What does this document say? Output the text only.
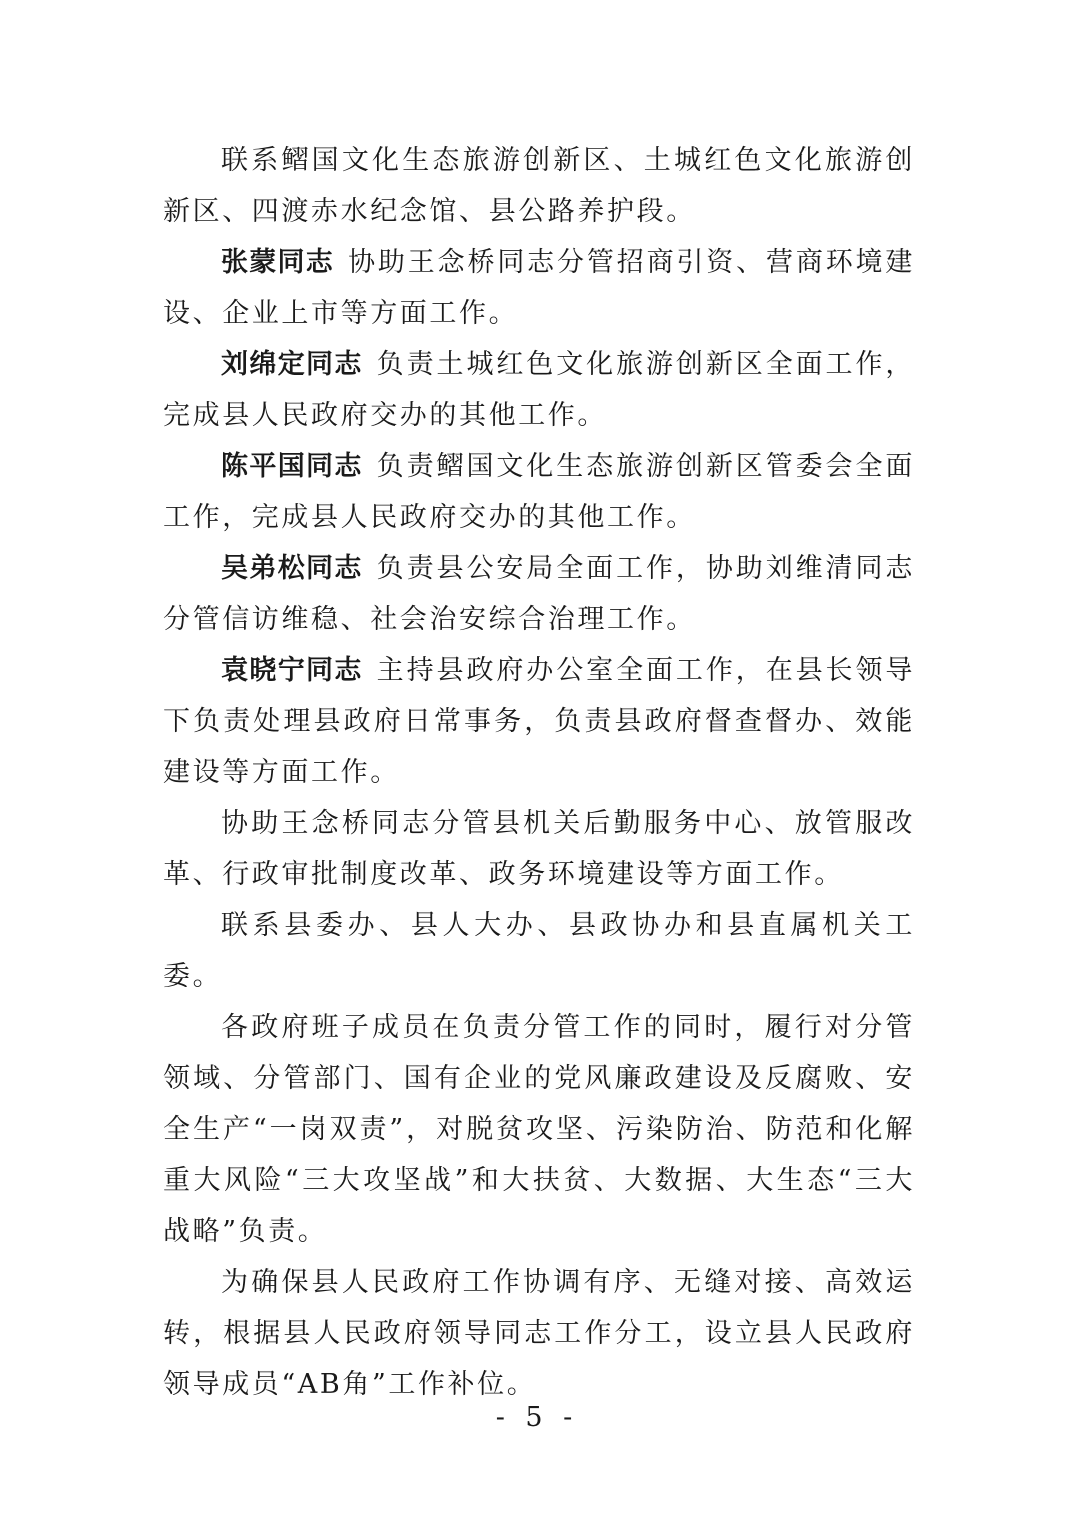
联系鳛国文化生态旅游创新区、土城红色文化旅游创新区、四渡赤水纪念馆、县公路养护段。

张蒙同志 协助王念桥同志分管招商引资、营商环境建设、企业上市等方面工作。

刘绵定同志 负责土城红色文化旅游创新区全面工作，完成县人民政府交办的其他工作。

陈平国同志 负责鳛国文化生态旅游创新区管委会全面工作，完成县人民政府交办的其他工作。

吴弟松同志 负责县公安局全面工作，协助刘维清同志分管信访维稳、社会治安综合治理工作。

袁晓宁同志 主持县政府办公室全面工作，在县长领导下负责处理县政府日常事务，负责县政府督查督办、效能建设等方面工作。

协助王念桥同志分管县机关后勤服务中心、放管服改革、行政审批制度改革、政务环境建设等方面工作。

联系县委办、县人大办、县政协办和县直属机关工委。

各政府班子成员在负责分管工作的同时，履行对分管领域、分管部门、国有企业的党风廉政建设及反腐败、安全生产“一岗双责”，对脱贫攻坚、污染防治、防范和化解重大风险“三大攻坚战”和大扶贫、大数据、大生态“三大战略”负责。

为确保县人民政府工作协调有序、无缝对接、高效运转，根据县人民政府领导同志工作分工，设立县人民政府领导成员“AB角”工作补位。

- 5 -
